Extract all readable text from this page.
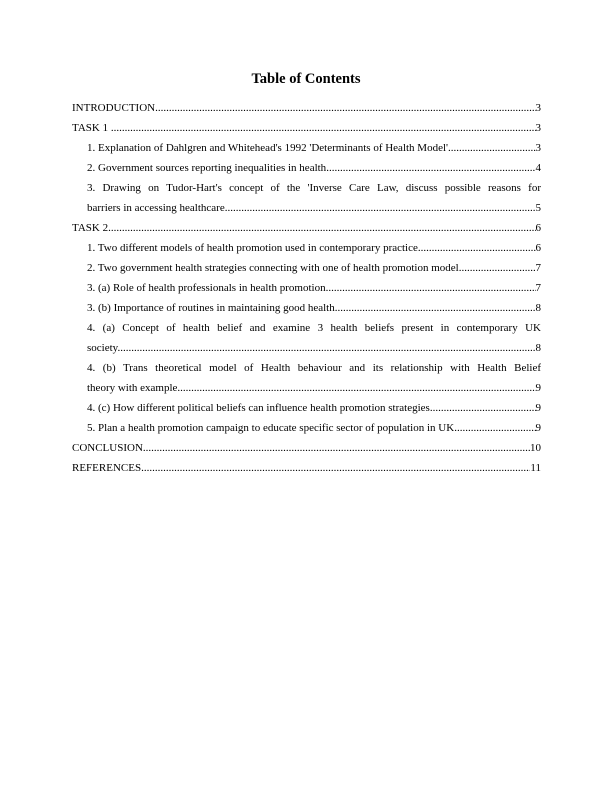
Table of Contents
INTRODUCTION .....	3
TASK 1 .....	3
1. Explanation of Dahlgren and Whitehead's 1992 'Determinants of Health Model' .....	3
2. Government sources reporting inequalities in health .....	4
3. Drawing on Tudor-Hart's concept of the 'Inverse Care Law, discuss possible reasons for
barriers in accessing healthcare .....	5
TASK 2 .....	6
1. Two different models of health promotion used in contemporary practice .....	6
2. Two government health strategies connecting with one of health promotion model .....	7
3. (a) Role of health professionals in health promotion .....	7
3. (b) Importance of routines in maintaining good health .....	8
4. (a) Concept of health belief and examine 3 health beliefs present in contemporary UK
society .....	8
4. (b) Trans theoretical model of Health behaviour and its relationship with Health Belief
theory with example .....	9
4. (c) How different political beliefs can influence health promotion strategies .....	9
5. Plan a health promotion campaign to educate specific sector of population in UK .....	9
CONCLUSION .....	10
REFERENCES .....	11
